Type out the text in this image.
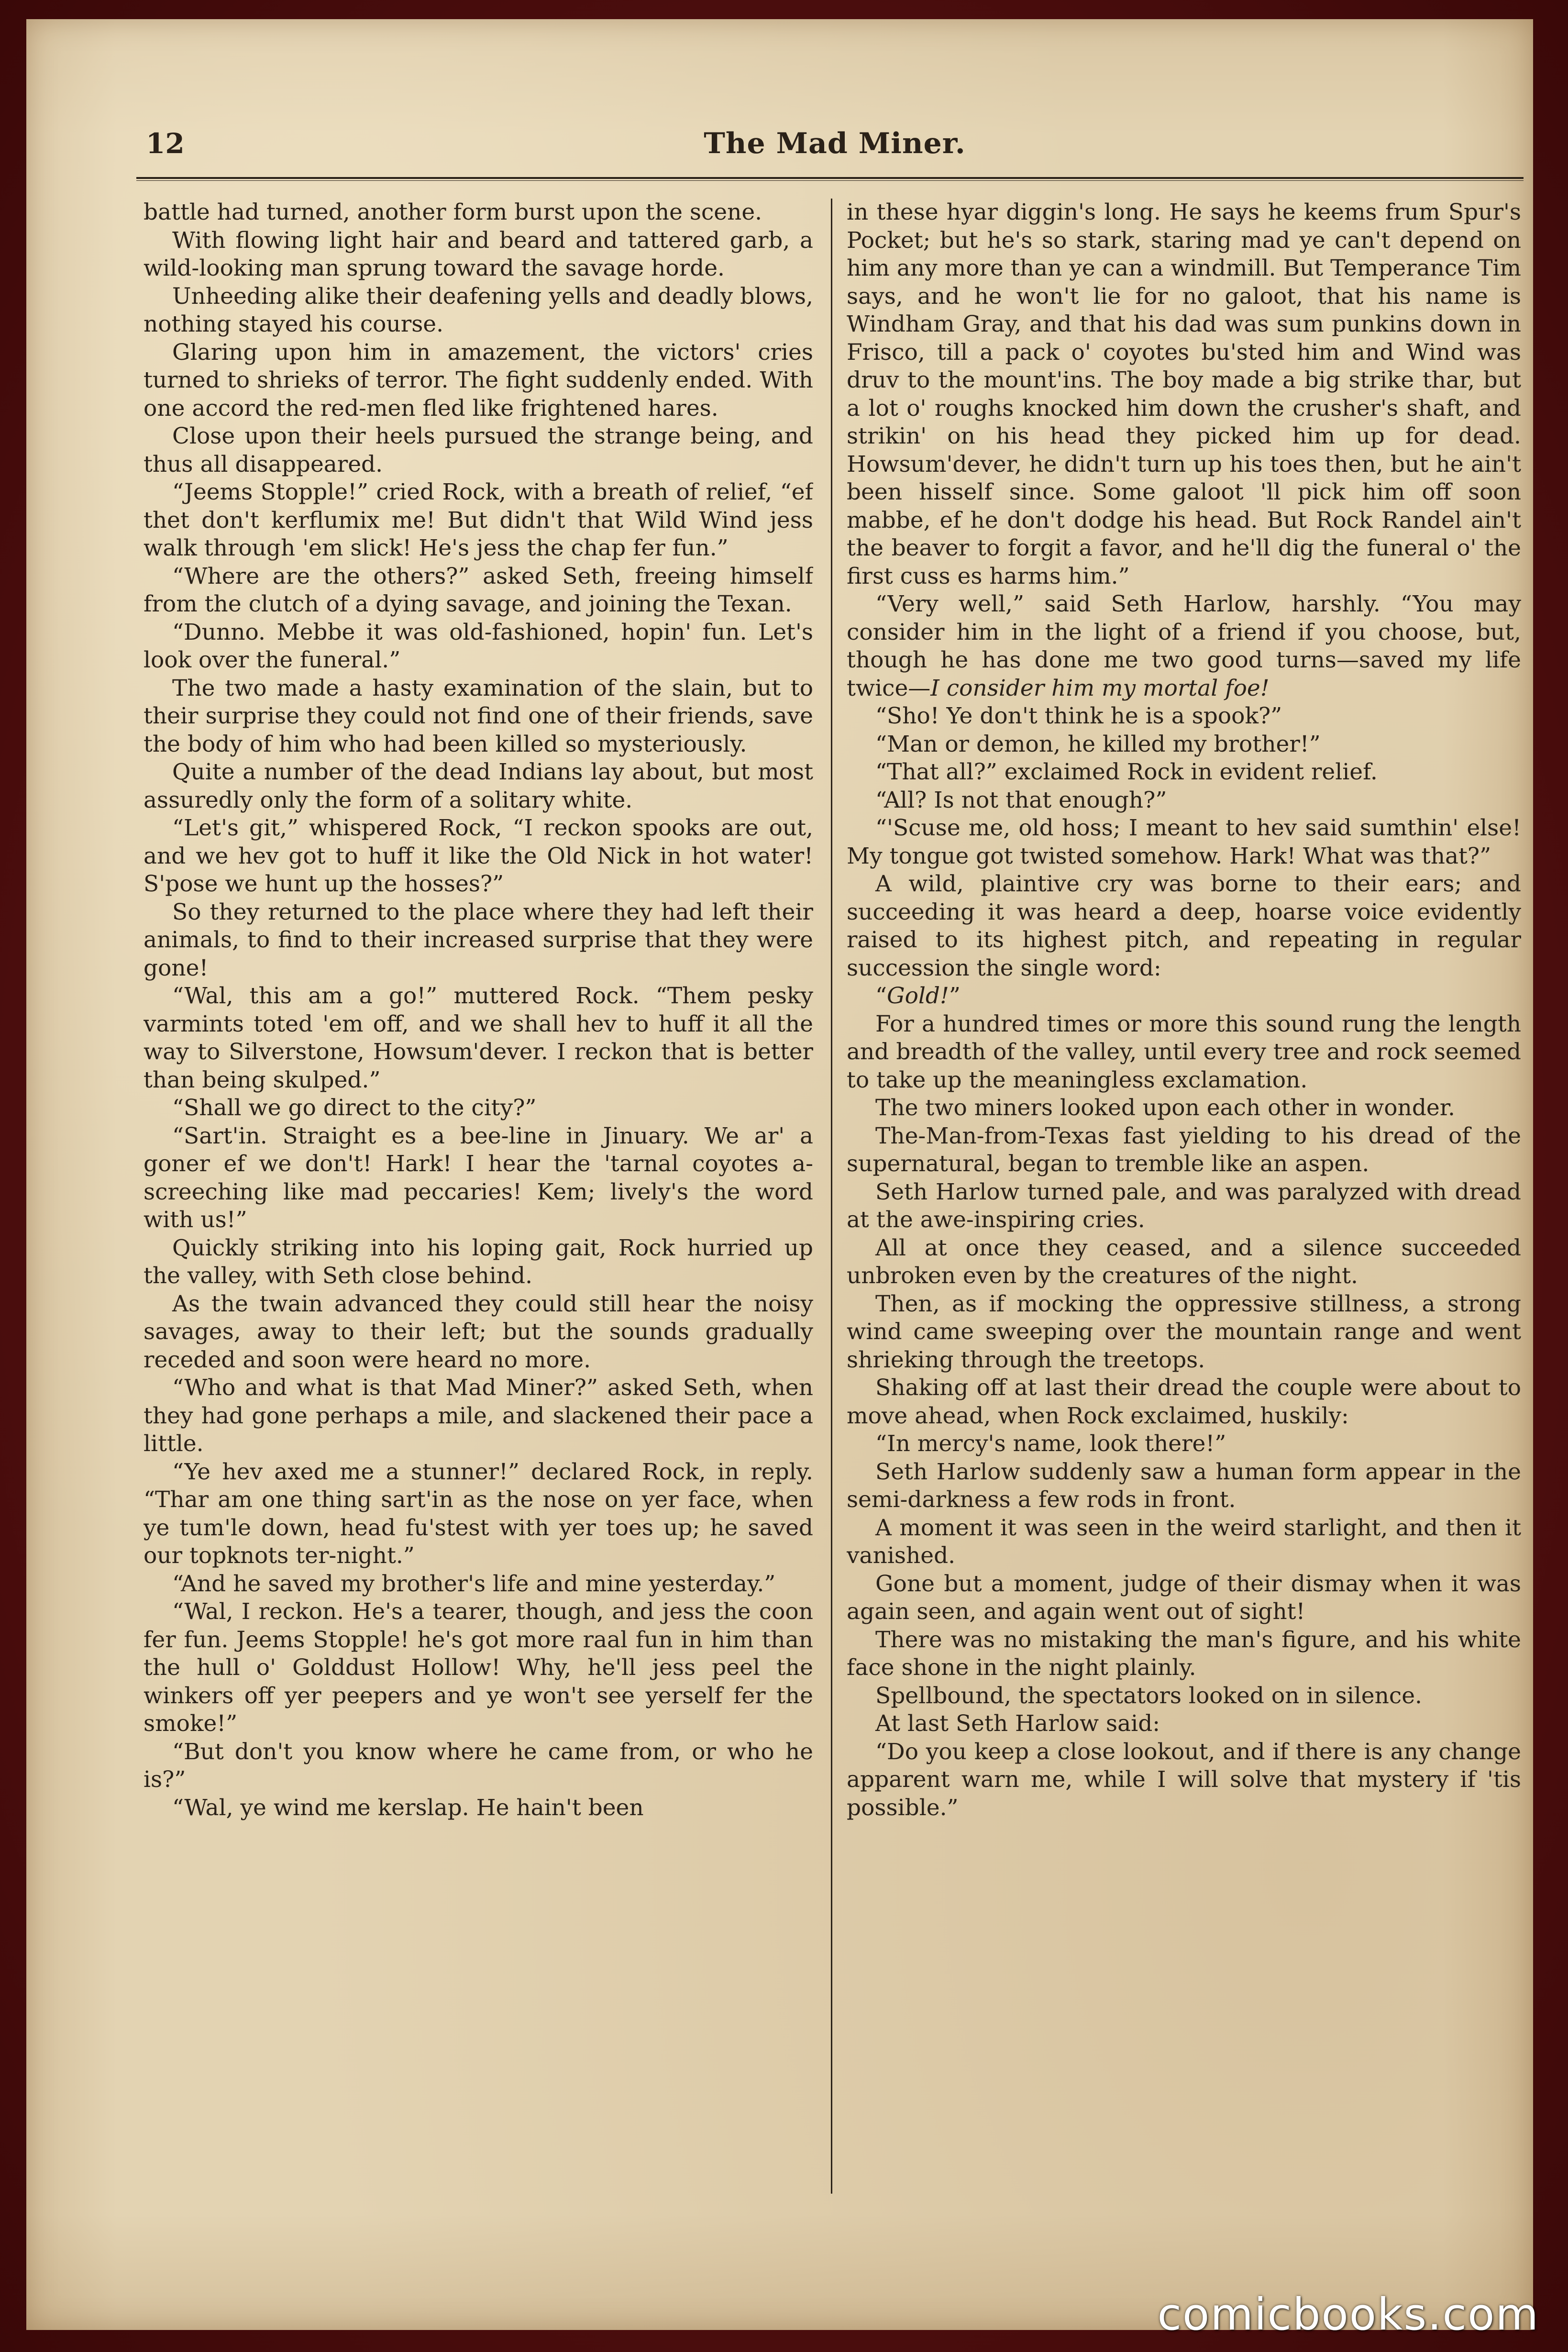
12	The Mad Miner.

battle had turned, another form burst upon the scene.

With flowing light hair and beard and tattered garb, a wild-looking man sprung toward the savage horde.

Unheeding alike their deafening yells and deadly blows, nothing stayed his course.

Glaring upon him in amazement, the victors' cries turned to shrieks of terror. The fight suddenly ended. With one accord the red-men fled like frightened hares.

Close upon their heels pursued the strange being, and thus all disappeared.

“Jeems Stopple!” cried Rock, with a breath of relief, “ef thet don't kerflumix me! But didn't that Wild Wind jess walk through 'em slick! He's jess the chap fer fun.”

“Where are the others?” asked Seth, freeing himself from the clutch of a dying savage, and joining the Texan.

“Dunno. Mebbe it was old-fashioned, hopin' fun. Let's look over the funeral.”

The two made a hasty examination of the slain, but to their surprise they could not find one of their friends, save the body of him who had been killed so mysteriously.

Quite a number of the dead Indians lay about, but most assuredly only the form of a solitary white.

“Let's git,” whispered Rock, “I reckon spooks are out, and we hev got to huff it like the Old Nick in hot water! S'pose we hunt up the hosses?”

So they returned to the place where they had left their animals, to find to their increased surprise that they were gone!

“Wal, this am a go!” muttered Rock. “Them pesky varmints toted 'em off, and we shall hev to huff it all the way to Silverstone, Howsum'dever. I reckon that is better than being skulped.”

“Shall we go direct to the city?”

“Sart'in. Straight es a bee-line in Jinuary. We ar' a goner ef we don't! Hark! I hear the 'tarnal coyotes a-screeching like mad peccaries! Kem; lively's the word with us!”

Quickly striking into his loping gait, Rock hurried up the valley, with Seth close behind.

As the twain advanced they could still hear the noisy savages, away to their left; but the sounds gradually receded and soon were heard no more.

“Who and what is that Mad Miner?” asked Seth, when they had gone perhaps a mile, and slackened their pace a little.

“Ye hev axed me a stunner!” declared Rock, in reply. “Thar am one thing sart'in as the nose on yer face, when ye tum'le down, head fu'stest with yer toes up; he saved our topknots ter-night.”

“And he saved my brother's life and mine yesterday.”

“Wal, I reckon. He's a tearer, though, and jess the coon fer fun. Jeems Stopple! he's got more raal fun in him than the hull o' Golddust Hollow! Why, he'll jess peel the winkers off yer peepers and ye won't see yerself fer the smoke!”

“But don't you know where he came from, or who he is?”

“Wal, ye wind me kerslap. He hain't been

in these hyar diggin's long. He says he keems frum Spur's Pocket; but he's so stark, staring mad ye can't depend on him any more than ye can a windmill. But Temperance Tim says, and he won't lie for no galoot, that his name is Windham Gray, and that his dad was sum punkins down in Frisco, till a pack o' coyotes bu'sted him and Wind was druv to the mount'ins. The boy made a big strike thar, but a lot o' roughs knocked him down the crusher's shaft, and strikin' on his head they picked him up for dead. Howsum'dever, he didn't turn up his toes then, but he ain't been hisself since. Some galoot 'll pick him off soon mabbe, ef he don't dodge his head. But Rock Randel ain't the beaver to forgit a favor, and he'll dig the funeral o' the first cuss es harms him.”

“Very well,” said Seth Harlow, harshly. “You may consider him in the light of a friend if you choose, but, though he has done me two good turns—saved my life twice—I consider him my mortal foe!

“Sho! Ye don't think he is a spook?”

“Man or demon, he killed my brother!”

“That all?” exclaimed Rock in evident relief.

“All? Is not that enough?”

“'Scuse me, old hoss; I meant to hev said sumthin' else! My tongue got twisted somehow. Hark! What was that?”

A wild, plaintive cry was borne to their ears; and succeeding it was heard a deep, hoarse voice evidently raised to its highest pitch, and repeating in regular succession the single word:

“Gold!”

For a hundred times or more this sound rung the length and breadth of the valley, until every tree and rock seemed to take up the meaningless exclamation.

The two miners looked upon each other in wonder.

The-Man-from-Texas fast yielding to his dread of the supernatural, began to tremble like an aspen.

Seth Harlow turned pale, and was paralyzed with dread at the awe-inspiring cries.

All at once they ceased, and a silence succeeded unbroken even by the creatures of the night.

Then, as if mocking the oppressive stillness, a strong wind came sweeping over the mountain range and went shrieking through the treetops.

Shaking off at last their dread the couple were about to move ahead, when Rock exclaimed, huskily:

“In mercy's name, look there!”

Seth Harlow suddenly saw a human form appear in the semi-darkness a few rods in front.

A moment it was seen in the weird starlight, and then it vanished.

Gone but a moment, judge of their dismay when it was again seen, and again went out of sight!

There was no mistaking the man's figure, and his white face shone in the night plainly.

Spellbound, the spectators looked on in silence.

At last Seth Harlow said:

“Do you keep a close lookout, and if there is any change apparent warn me, while I will solve that mystery if 'tis possible.”

comicbooks.com
